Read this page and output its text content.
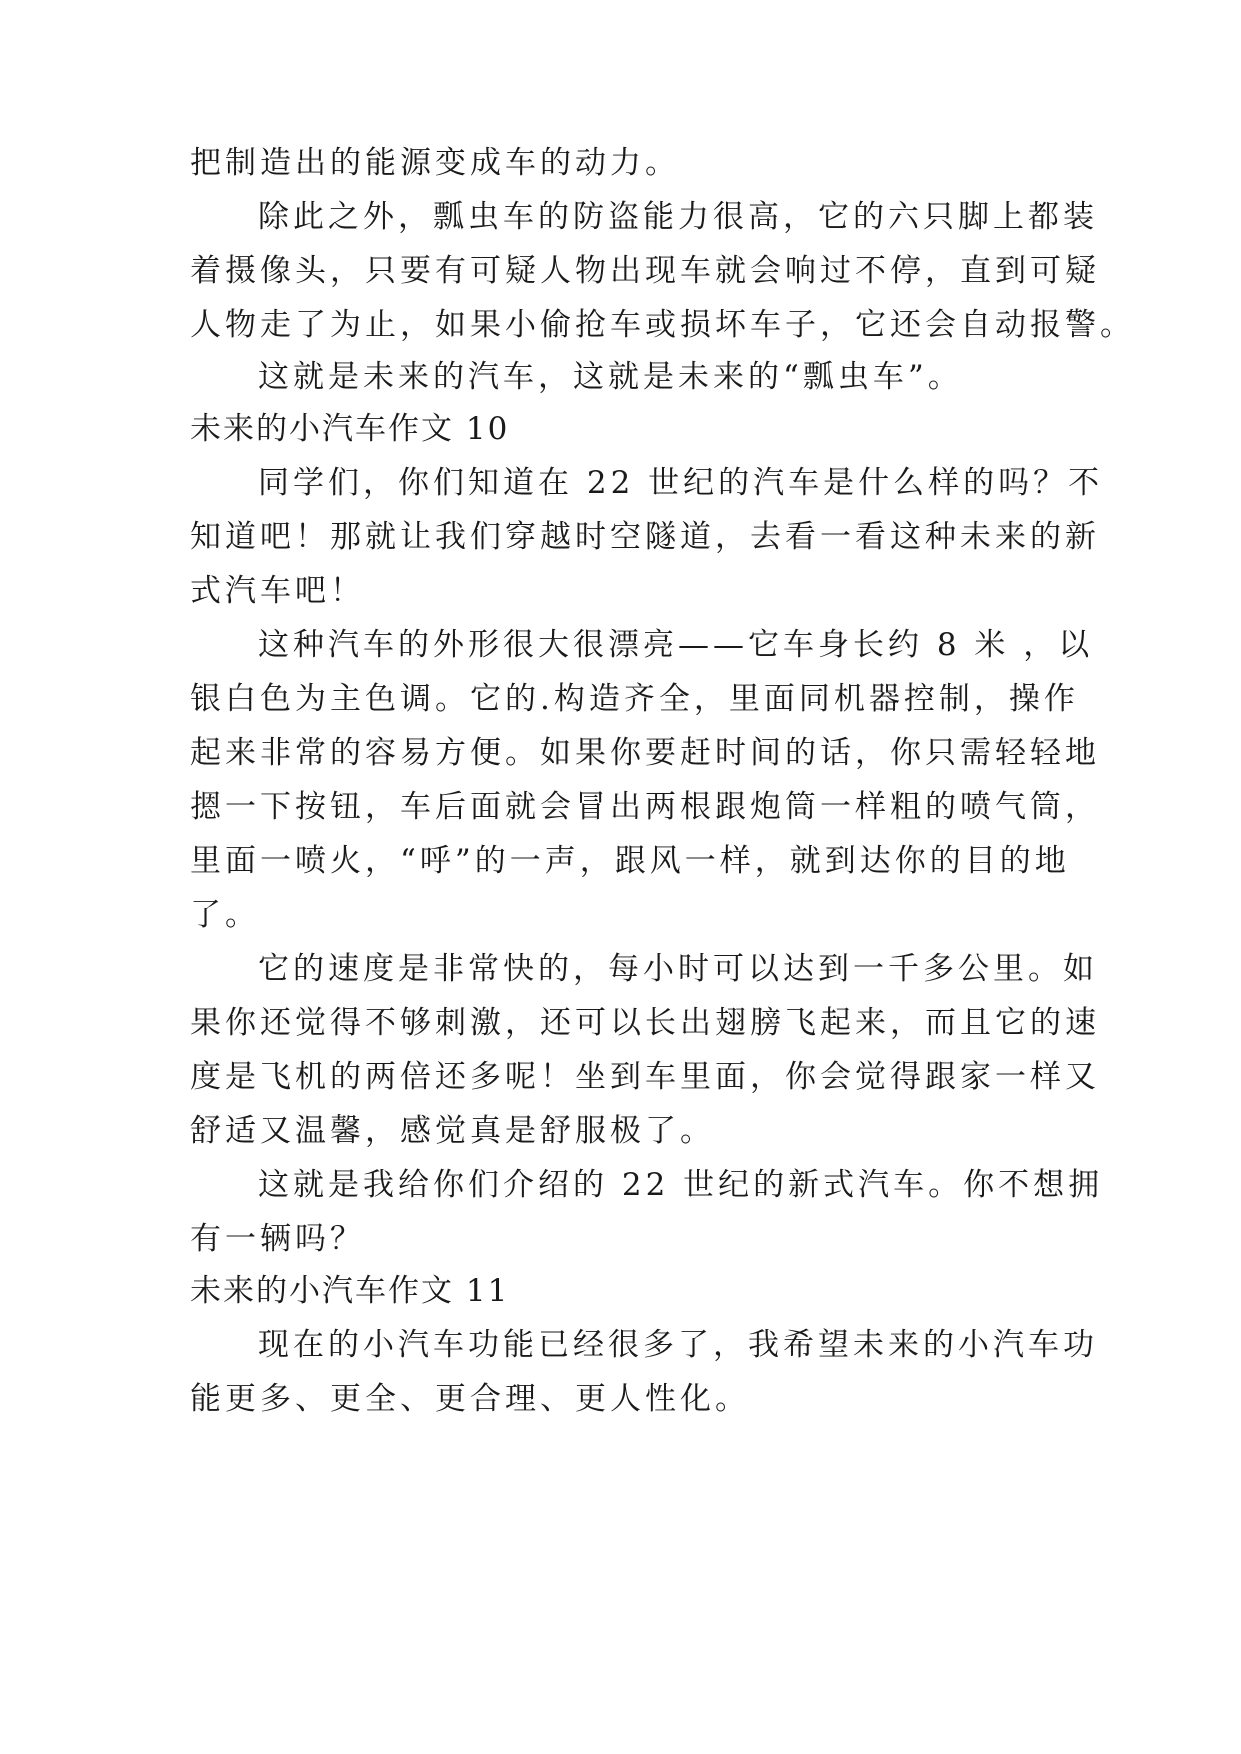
把制造出的能源变成车的动力。
除此之外，瓢虫车的防盗能力很高，它的六只脚上都装
着摄像头，只要有可疑人物出现车就会响过不停，直到可疑
人物走了为止，如果小偷抢车或损坏车子，它还会自动报警。
这就是未来的汽车，这就是未来的“瓢虫车”。
未来的小汽车作文 10
同学们，你们知道在 22 世纪的汽车是什么样的吗？不
知道吧！那就让我们穿越时空隧道，去看一看这种未来的新
式汽车吧！
这种汽车的外形很大很漂亮——它车身长约 8 米 ，以
银白色为主色调。它的.构造齐全，里面同机器控制，操作
起来非常的容易方便。如果你要赶时间的话，你只需轻轻地
摁一下按钮，车后面就会冒出两根跟炮筒一样粗的喷气筒，
里面一喷火，“呼”的一声，跟风一样，就到达你的目的地
了。
它的速度是非常快的，每小时可以达到一千多公里。如
果你还觉得不够刺激，还可以长出翅膀飞起来，而且它的速
度是飞机的两倍还多呢！坐到车里面，你会觉得跟家一样又
舒适又温馨，感觉真是舒服极了。
这就是我给你们介绍的 22 世纪的新式汽车。你不想拥
有一辆吗？
未来的小汽车作文 11
现在的小汽车功能已经很多了，我希望未来的小汽车功
能更多、更全、更合理、更人性化。
